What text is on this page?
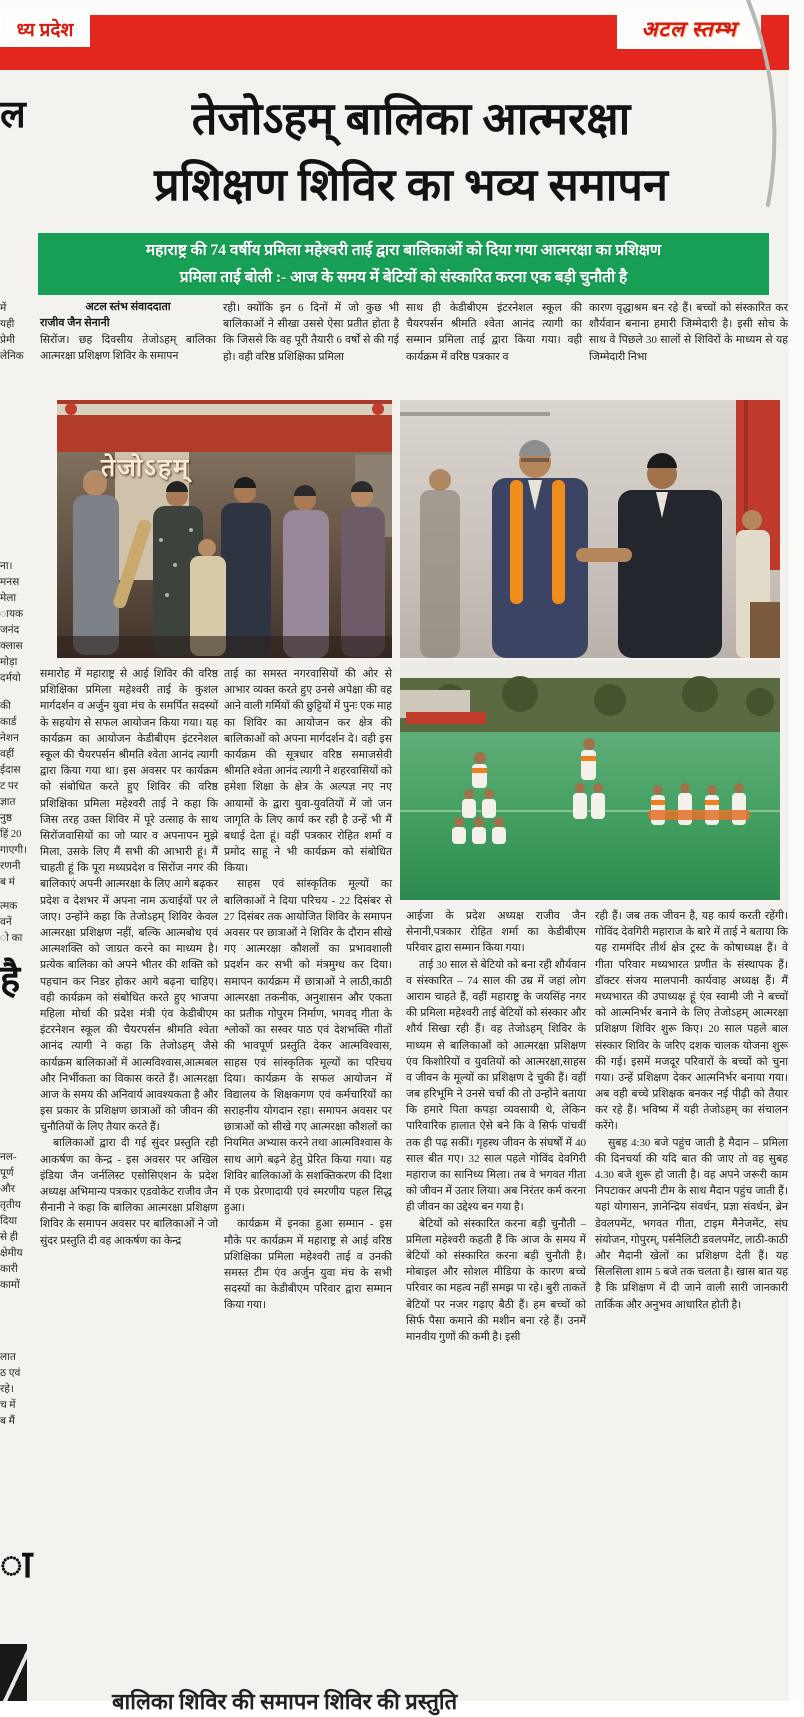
ध्य प्रदेश	अटल स्तम्भ
तेजोऽहम् बालिका आत्मरक्षा
प्रशिक्षण शिविर का भव्य समापन
महाराष्ट्र की 74 वर्षीय प्रमिला महेश्वरी ताई द्वारा बालिकाओं को दिया गया आत्मरक्षा का प्रशिक्षण
प्रमिला ताई बोली :- आज के समय में बेटियों को संस्कारित करना एक बड़ी चुनौती है
अटल स्तंभ संवाददाता
राजीव जैन सेनानी

सिरोंज। छह दिवसीय तेजोऽहम् बालिका आत्मरक्षा प्रशिक्षण शिविर के समापन

रही। क्योंकि इन 6 दिनों में जो कुछ भी बालिकाओं ने सीखा उससे ऐसा प्रतीत होता है कि जिससे कि वह पूरी तैयारी 6 वर्षों से की गई हो। वही वरिष्ठ प्रशिक्षिका प्रमिला

साथ ही केडीबीएम इंटरनेशल स्कूल की चैयरपर्सन श्रीमति श्वेता आनंद त्यागी का सम्मान प्रमिला ताई द्वारा किया गया। वही कार्यक्रम में वरिष्ठ पत्रकार व

कारण वृद्धाश्रम बन रहे हैं। बच्चों को संस्कारित कर शौर्यवान बनाना हमारी जिम्मेदारी है। इसी सोच के साथ वे पिछले 30 सालों से शिविरों के माध्यम से यह जिम्मेदारी निभा

तेजोऽहम्

समारोह में महाराष्ट्र से आई शिविर की वरिष्ठ प्रशिक्षिका प्रमिला महेश्वरी ताई के कुशल मार्गदर्शन व अर्जुन युवा मंच के समर्पित सदस्यों के सहयोग से सफल आयोजन किया गया। यह कार्यक्रम का आयोजन केडीबीएम इंटरनेशल स्कूल की चैयरपर्सन श्रीमति श्वेता आनंद त्यागी द्वारा किया गया था। इस अवसर पर कार्यक्रम को संबोधित करते हुए शिविर की वरिष्ठ प्रशिक्षिका प्रमिला महेश्वरी ताई ने कहा कि जिस तरह उक्त शिविर में पूरे उत्साह के साथ सिरोंजवासियों का जो प्यार व अपनापन मुझे मिला, उसके लिए मैं सभी की आभारी हूं। मैं चाहती हूं कि पूरा मध्यप्रदेश व सिरोंज नगर की बालिकाएं अपनी आत्मरक्षा के लिए आगे बढ़कर प्रदेश व देशभर में अपना नाम ऊचाईयों पर ले जाए। उन्होंने कहा कि तेजोऽहम् शिविर केवल आत्मरक्षा प्रशिक्षण नहीं, बल्कि आत्मबोध एवं आत्मशक्ति को जाग्रत करने का माध्यम है। प्रत्येक बालिका को अपने भीतर की शक्ति को पहचान कर निडर होकर आगे बढ़ना चाहिए। वही कार्यक्रम को संबोधित करते हुए भाजपा महिला मोर्चा की प्रदेश मंत्री एंव केडीबीएम इंटरनेशन स्कूल की चैयरपर्सन श्रीमति श्वेता आनंद त्यागी ने कहा कि तेजोऽहम् जैसे कार्यक्रम बालिकाओं में आत्मविश्वास,आत्मबल और निर्भीकता का विकास करते हैं। आत्मरक्षा आज के समय की अनिवार्य आवश्यकता है और इस प्रकार के प्रशिक्षण छात्राओं को जीवन की चुनौतियों के लिए तैयार करते हैं।

बालिकाओं द्वारा दी गई सुंदर प्रस्तुति रही आकर्षण का केन्द्र - इस अवसर पर अखिल इंडिया जैन जर्नलिस्ट एसोसिएशन के प्रदेश अध्यक्ष अभिमान्य पत्रकार एडवोकेट राजीव जैन सैनानी ने कहा कि बालिका आत्मरक्षा प्रशिक्षण शिविर के समापन अवसर पर बालिकाओं ने जो सुंदर प्रस्तुति दी वह आकर्षण का केन्द्र

ताई का समस्त नगरवासियों की ओर से आभार व्यक्त करते हुए उनसे अपेक्षा की वह आने वाली गर्मियों की छुट्टियों में पुनः एक माह का शिविर का आयोजन कर क्षेत्र की बालिकाओं को अपना मार्गदर्शन दे। वही इस कार्यक्रम की सूत्रधार वरिष्ठ समाजसेवी श्रीमति श्वेता आनंद त्यागी ने शहरवासियों को हमेशा शिक्षा के क्षेत्र के अल्पज्ञ नए नए आयामों के द्वारा युवा-युवतियों में जो जन जागृति के लिए कार्य कर रही है उन्हें भी मैं बधाई देता हूं। वहीं पत्रकार रोहित शर्मा व प्रमोद साहू ने भी कार्यक्रम को संबोधित किया।

साहस एवं सांस्कृतिक मूल्यों का बालिकाओं ने दिया परिचय - 22 दिसंबर से 27 दिसंबर तक आयोजित शिविर के समापन अवसर पर छात्राओं ने शिविर के दौरान सीखे गए आत्मरक्षा कौशलों का प्रभावशाली प्रदर्शन कर सभी को मंत्रमुग्ध कर दिया। समापन कार्यक्रम में छात्राओं ने लाठी,काठी आत्मरक्षा तकनीक, अनुशासन और एकता का प्रतीक गोपुरम निर्माण, भगवद् गीता के श्लोकों का सस्वर पाठ एवं देशभक्ति गीतों की भावपूर्ण प्रस्तुति देकर आत्मविश्वास, साहस एवं सांस्कृतिक मूल्यों का परिचय दिया। कार्यक्रम के सफल आयोजन में विद्यालय के शिक्षकगण एवं कर्मचारियों का सराहनीय योगदान रहा। समापन अवसर पर छात्राओं को सीखे गए आत्मरक्षा कौशलों का नियमित अभ्यास करने तथा आत्मविश्वास के साथ आगे बढ़ने हेतु प्रेरित किया गया। यह शिविर बालिकाओं के सशक्तिकरण की दिशा में एक प्रेरणादायी एवं स्मरणीय पहल सिद्ध हुआ।

कार्यक्रम में इनका हुआ सम्मान - इस मौके पर कार्यक्रम में महाराष्ट्र से आई वरिष्ठ प्रशिक्षिका प्रमिला महेश्वरी ताई व उनकी समस्त टीम एंव अर्जुन युवा मंच के सभी सदस्यों का केडीबीएम परिवार द्वारा सम्मान किया गया।

आईजा के प्रदेश अध्यक्ष राजीव जैन सेनानी,पत्रकार रोहित शर्मा का केडीबीएम परिवार द्वारा सम्मान किया गया।

ताई 30 साल से बेटियो को बना रही शौर्यवान व संस्कारित – 74 साल की उम्र में जहां लोग आराम चाहते हैं, वहीं महाराष्ट्र के जयसिंह नगर की प्रमिला महेश्वरी ताई बेटियों को संस्कार और शौर्य सिखा रही हैं। वह तेजोऽहम् शिविर के माध्यम से बालिकाओं को आत्मरक्षा प्रशिक्षण एंव किशोरियों व युवतियों को आत्मरक्षा,साहस व जीवन के मूल्यों का प्रशिक्षण दे चुकी हैं। वहीं जब हरिभूमि ने उनसे चर्चा की तो उन्होंने बताया कि हमारे पिता कपड़ा व्यवसायी थे, लेकिन पारिवारिक हालात ऐसे बने कि वे सिर्फ पांचवीं तक ही पढ़ सकीं। गृहस्थ जीवन के संघर्षों में 40 साल बीत गए। 32 साल पहले गोविंद देवगिरी महाराज का सानिध्य मिला। तब वे भगवत गीता को जीवन में उतार लिया। अब निरंतर कर्म करना ही जीवन का उद्देश्य बन गया है।

बेटियों को संस्कारित करना बड़ी चुनौती – प्रमिला महेश्वरी कहती हैं कि आज के समय में बेटियों को संस्कारित करना बड़ी चुनौती है। मोबाइल और सोशल मीडिया के कारण बच्चे परिवार का महत्व नहीं समझ पा रहे। बुरी ताकतें बेटियों पर नजर गढ़ाए बैठी हैं। हम बच्चों को सिर्फ पैसा कमाने की मशीन बना रहे हैं। उनमें मानवीय गुणों की कमी है। इसी

रही हैं। जब तक जीवन है, यह कार्य करती रहेंगी। गोविंद देवगिरी महाराज के बारे में ताई ने बताया कि यह राममंदिर तीर्थ क्षेत्र ट्रस्ट के कोषाध्यक्ष हैं। वे गीता परिवार मध्यभारत प्रणीत के संस्थापक हैं। डॉक्टर संजय मालपानी कार्यवाह अध्यक्ष हैं। मैं मध्यभारत की उपाध्यक्ष हूं एंव स्वामी जी ने बच्चों को आत्मनिर्भर बनाने के लिए तेजोऽहम् आत्मरक्षा प्रशिक्षण शिविर शुरू किए। 20 साल पहले बाल संस्कार शिविर के जरिए दशक चालक योजना शुरू की गई। इसमें मजदूर परिवारों के बच्चों को चुना गया। उन्हें प्रशिक्षण देकर आत्मनिर्भर बनाया गया। अब वही बच्चे प्रशिक्षक बनकर नई पीढ़ी को तैयार कर रहे हैं। भविष्य में यही तेजोऽहम् का संचालन करेंगे।

सुबह 4:30 बजे पहुंच जाती है मैदान – प्रमिला की दिनचर्या की यदि बात की जाए तो वह सुबह 4.30 बजे शुरू हो जाती है। वह अपने जरूरी काम निपटाकर अपनी टीम के साथ मैदान पहुंच जाती हैं। यहां योगासन, ज्ञानेन्द्रिय संवर्धन, प्रज्ञा संवर्धन, ब्रेन डेवलपमेंट, भगवत गीता, टाइम मैनेजमेंट, संघ संयोजन, गोपुरम्, पर्सनैलिटी डवलपमेंट, लाठी-काठी और मैदानी खेलों का प्रशिक्षण देती हैं। यह सिलसिला शाम 5 बजे तक चलता है। खास बात यह है कि प्रशिक्षण में दी जाने वाली सारी जानकारी तार्किक और अनुभव आधारित होती है।

ल
में
यही
प्रेमी
लेनिक
ना।
मनस
मेला
ायक
जनंद
क्लास
मोड़ा
दर्मयो
की
कार्ड
नेशन
वहीं
ईदास
ट पर
ज्ञात
नुष्ठ
हिं 20
गाएगी।
रणनी
ब मं
त्मक
वनें
ो का
है
नल-
पूर्ण
और
तृतीय
दिया
से ही
क्षेमीय
कारी
कामों
लात
ठ एवं
रहे।
च में
ब मैं
ा
बालिका शिविर की समापन शिविर की प्रस्तुति
